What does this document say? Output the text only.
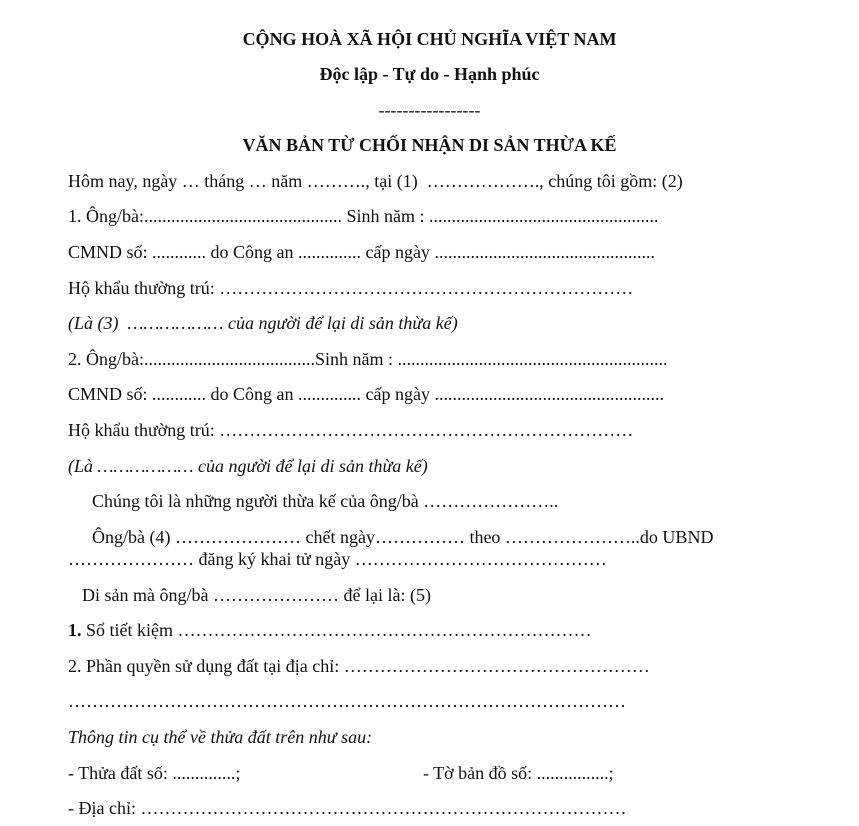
CỘNG HOÀ XÃ HỘI CHỦ NGHĨA VIỆT NAM
Độc lập - Tự do - Hạnh phúc
-----------------
VĂN BẢN TỪ CHỐI NHẬN DI SẢN THỪA KẾ
Hôm nay, ngày … tháng … năm ………., tại (1)  ………………., chúng tôi gồm: (2)
1. Ông/bà:............................................ Sinh năm : ...................................................
CMND số: ............ do Công an .............. cấp ngày .................................................
Hộ khẩu thường trú: ……………………………………………………………
(Là (3)  ……………… của người để lại di sản thừa kế)
2. Ông/bà:......................................Sinh năm : ............................................................
CMND số: ............ do Công an .............. cấp ngày ...................................................
Hộ khẩu thường trú: ……………………………………………………………
(Là ……………… của người để lại di sản thừa kế)
Chúng tôi là những người thừa kế của ông/bà …………………..
Ông/bà (4) ………………… chết ngày…………… theo …………………..do UBND
………………… đăng ký khai tử ngày ……………………………………
Di sản mà ông/bà ………………… để lại là: (5)
1. Sổ tiết kiệm ……………………………………………………………
2. Phần quyền sử dụng đất tại địa chỉ: ……………………………………………
…………………………………………………………………………………
Thông tin cụ thể về thửa đất trên như sau:
- Thửa đất số: ..............;	- Tờ bản đồ số: ................;
- Địa chỉ: ………………………………………………………………………
